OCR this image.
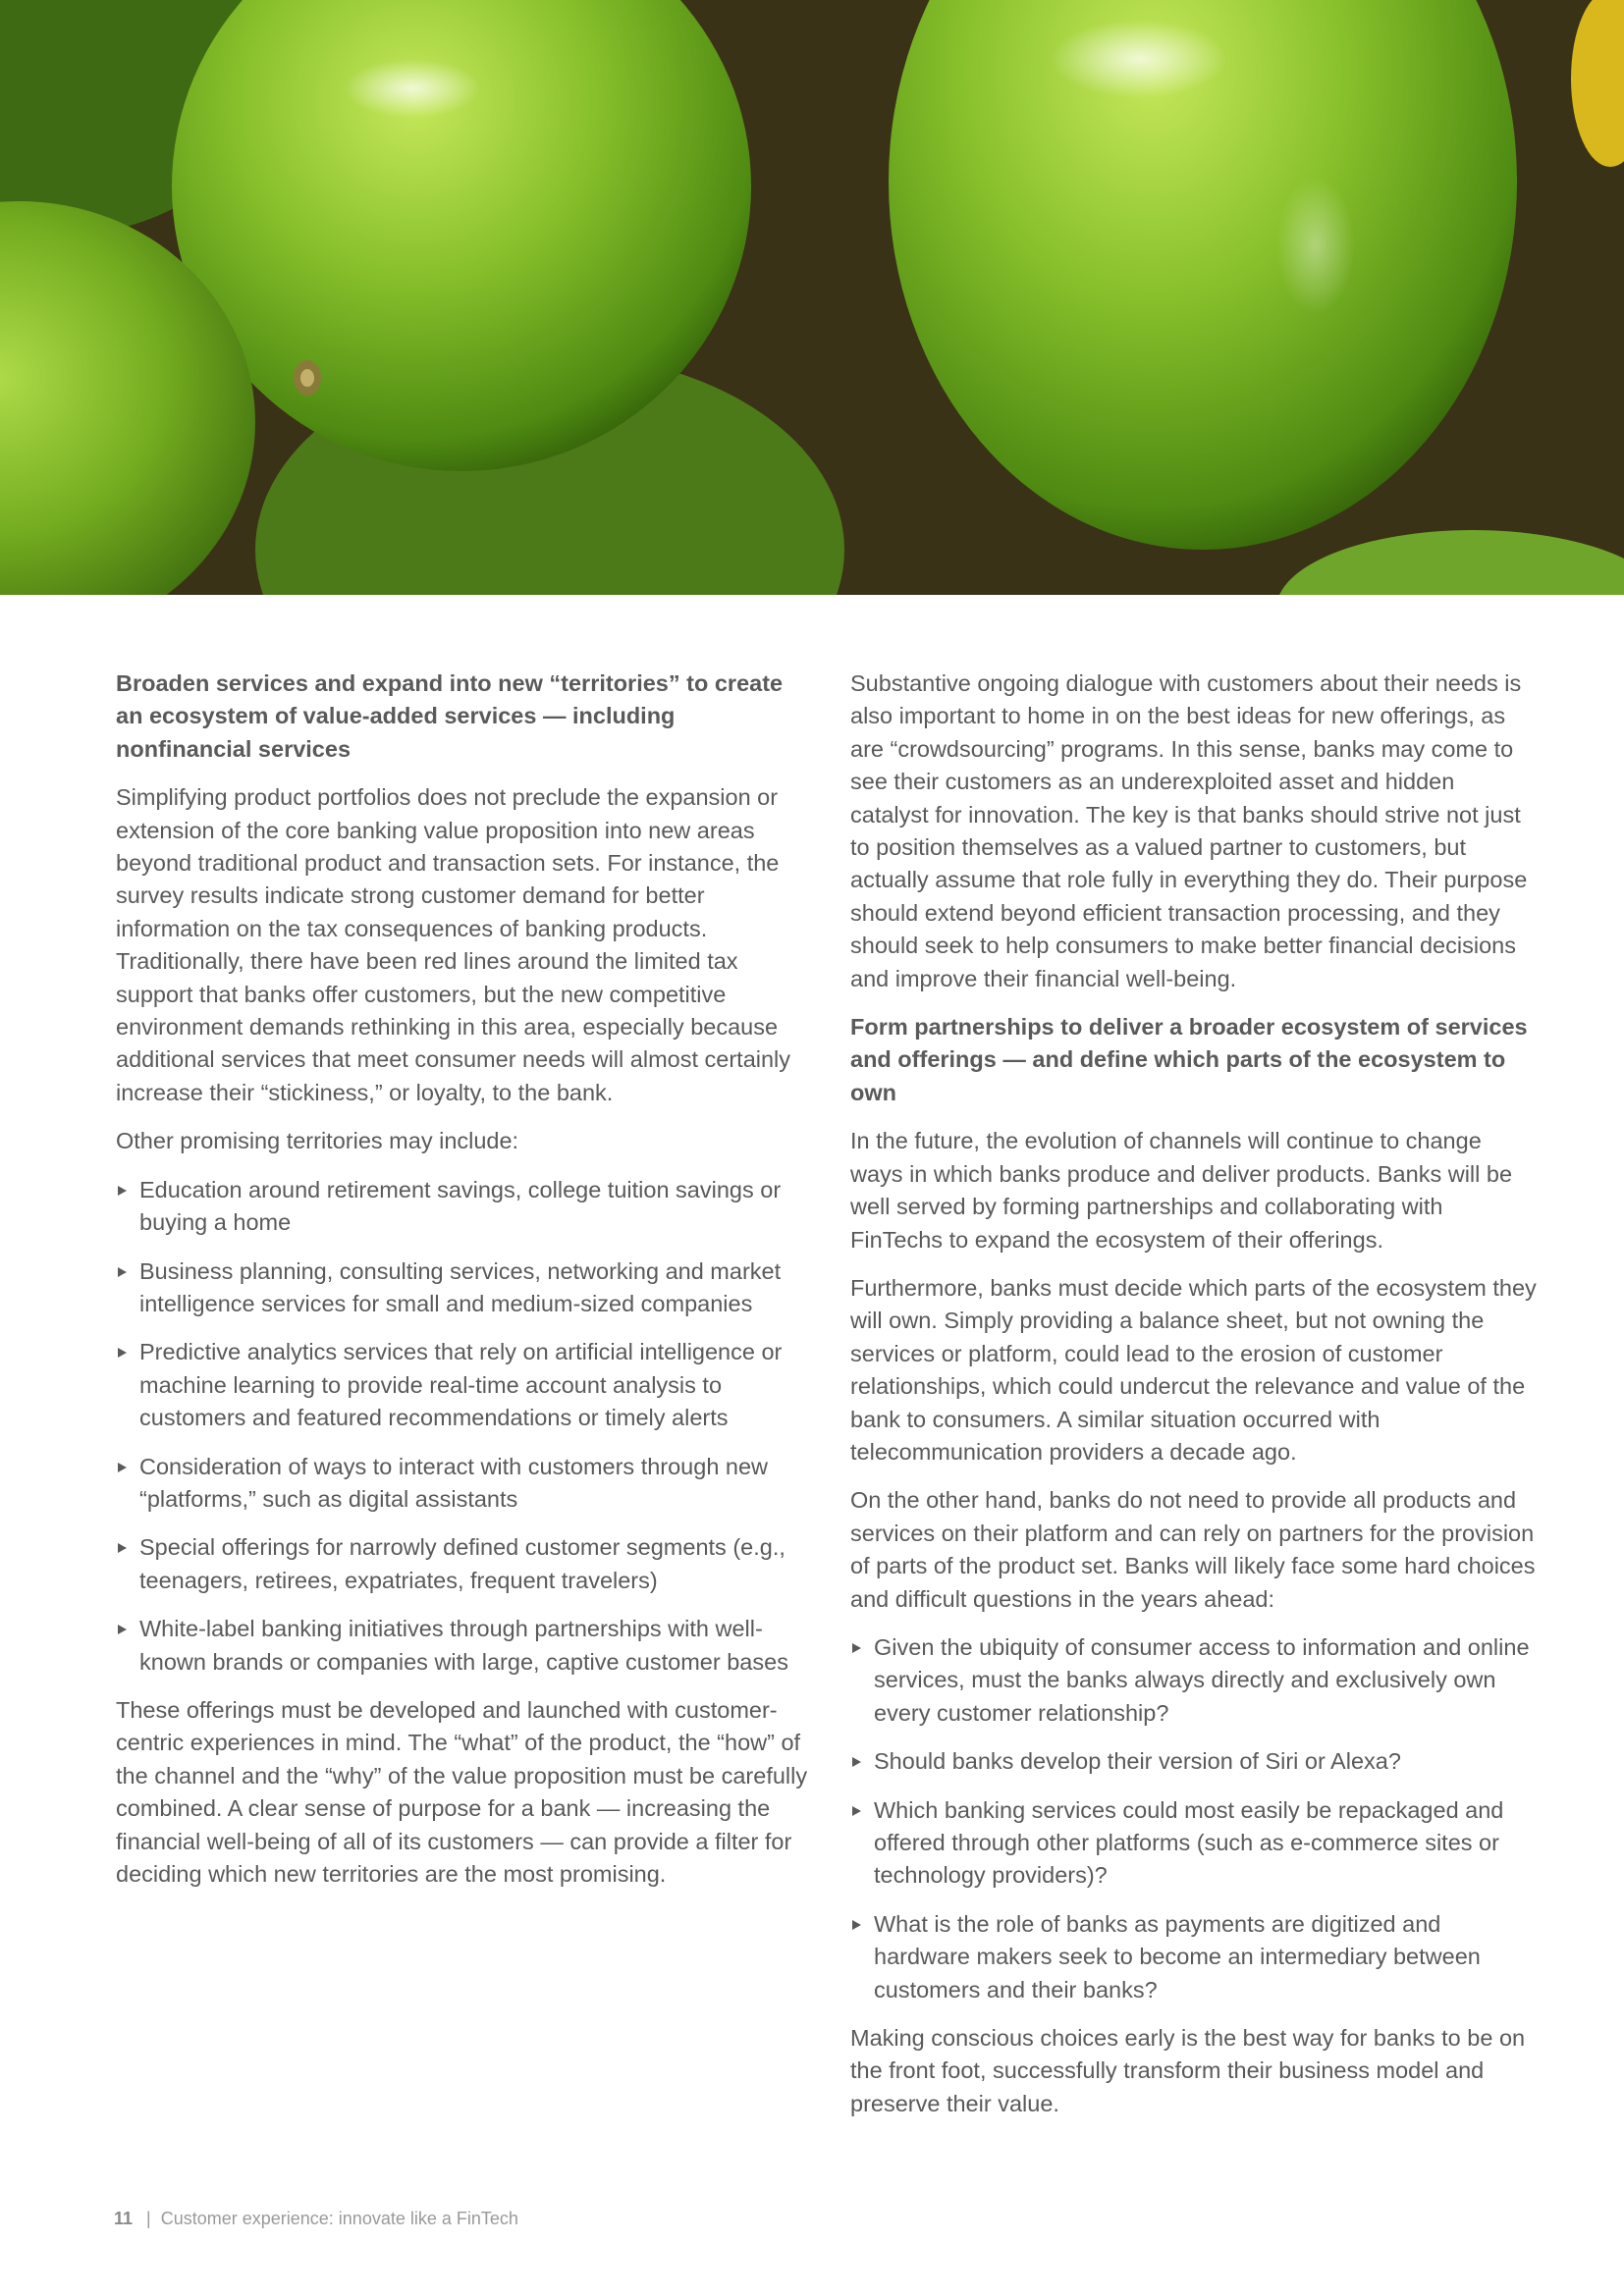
Broaden services and expand into new “territories” to create an ecosystem of value-added services — including nonfinancial services

Simplifying product portfolios does not preclude the expansion or extension of the core banking value proposition into new areas beyond traditional product and transaction sets. For instance, the survey results indicate strong customer demand for better information on the tax consequences of banking products. Traditionally, there have been red lines around the limited tax support that banks offer customers, but the new competitive environment demands rethinking in this area, especially because additional services that meet consumer needs will almost certainly increase their “stickiness,” or loyalty, to the bank.

Other promising territories may include:

Education around retirement savings, college tuition savings or buying a home
Business planning, consulting services, networking and market intelligence services for small and medium-sized companies
Predictive analytics services that rely on artificial intelligence or machine learning to provide real-time account analysis to customers and featured recommendations or timely alerts
Consideration of ways to interact with customers through new “platforms,” such as digital assistants
Special offerings for narrowly defined customer segments (e.g., teenagers, retirees, expatriates, frequent travelers)
White-label banking initiatives through partnerships with well-known brands or companies with large, captive customer bases

These offerings must be developed and launched with customer-centric experiences in mind. The “what” of the product, the “how” of the channel and the “why” of the value proposition must be carefully combined. A clear sense of purpose for a bank — increasing the financial well-being of all of its customers — can provide a filter for deciding which new territories are the most promising.

Substantive ongoing dialogue with customers about their needs is also important to home in on the best ideas for new offerings, as are “crowdsourcing” programs. In this sense, banks may come to see their customers as an underexploited asset and hidden catalyst for innovation. The key is that banks should strive not just to position themselves as a valued partner to customers, but actually assume that role fully in everything they do. Their purpose should extend beyond efficient transaction processing, and they should seek to help consumers to make better financial decisions and improve their financial well-being.

Form partnerships to deliver a broader ecosystem of services and offerings — and define which parts of the ecosystem to own

In the future, the evolution of channels will continue to change ways in which banks produce and deliver products. Banks will be well served by forming partnerships and collaborating with FinTechs to expand the ecosystem of their offerings.

Furthermore, banks must decide which parts of the ecosystem they will own. Simply providing a balance sheet, but not owning the services or platform, could lead to the erosion of customer relationships, which could undercut the relevance and value of the bank to consumers. A similar situation occurred with telecommunication providers a decade ago.

On the other hand, banks do not need to provide all products and services on their platform and can rely on partners for the provision of parts of the product set. Banks will likely face some hard choices and difficult questions in the years ahead:

Given the ubiquity of consumer access to information and online services, must the banks always directly and exclusively own every customer relationship?
Should banks develop their version of Siri or Alexa?
Which banking services could most easily be repackaged and offered through other platforms (such as e-commerce sites or technology providers)?
What is the role of banks as payments are digitized and hardware makers seek to become an intermediary between customers and their banks?

Making conscious choices early is the best way for banks to be on the front foot, successfully transform their business model and preserve their value.

11 | Customer experience: innovate like a FinTech
